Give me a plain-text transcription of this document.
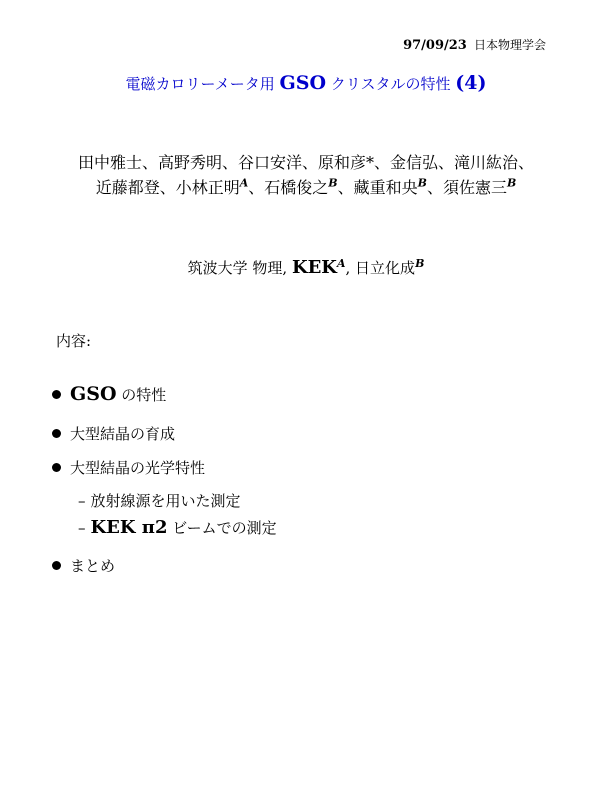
97/09/23 日本物理学会
電磁カロリーメータ用 GSO クリスタルの特性 (4)
田中雅士、高野秀明、谷口安洋、原和彦*、金信弘、滝川紘治、
近藤都登、小林正明$^A$、石橋俊之$^B$、藏重和央$^B$、須佐憲三$^B$
筑波大学 物理, $KEK^A$, 日立化成$^B$
内容:
GSO の特性
大型結晶の育成
大型結晶の光学特性
– 放射線源を用いた測定
– KEK π2 ビームでの測定
まとめ
